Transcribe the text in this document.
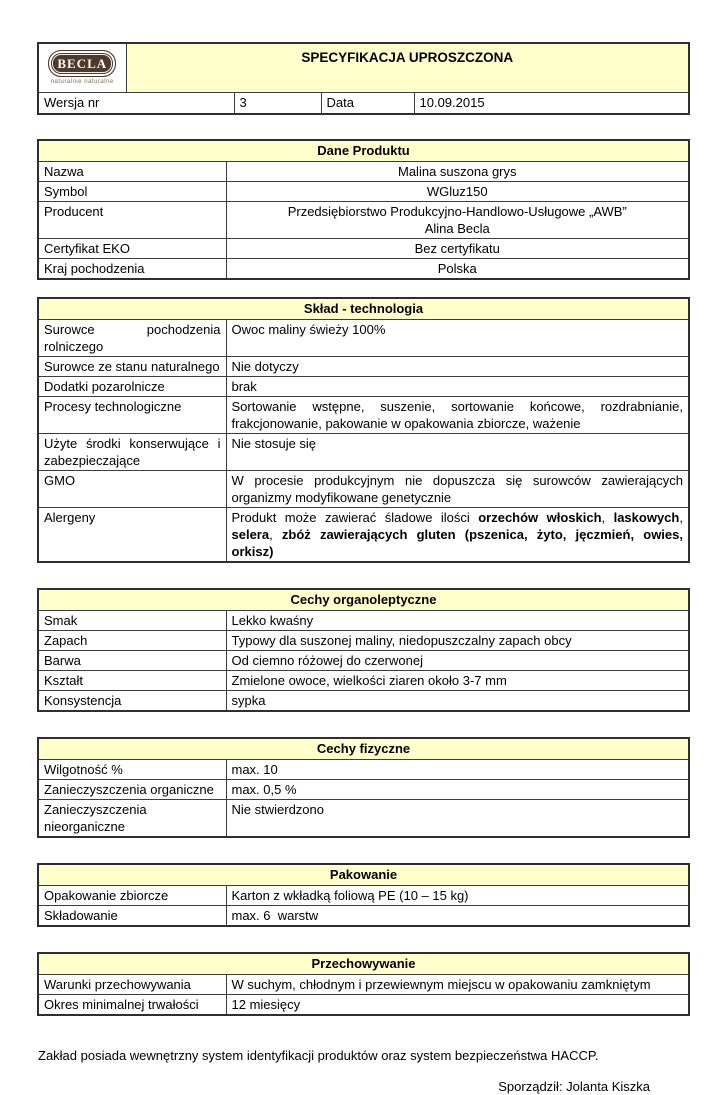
BECLA
naturalnie naturalne	SPECYFIKACJA UPROSZCZONA			
Wersja nr		3	Data	10.09.2015
Dane Produktu	
Nazwa	Malina suszona grys
Symbol	WGluz150
Producent	Przedsiębiorstwo Produkcyjno-Handlowo-Usługowe „AWB”
Alina Becla

Certyfikat EKO	Bez certyfikatu
Kraj pochodzenia	Polska
Skład - technologia	
Surowce pochodzenia rolniczego	Owoc maliny świeży 100%
Surowce ze stanu naturalnego	Nie dotyczy
Dodatki pozarolnicze	brak
Procesy technologiczne	Sortowanie wstępne, suszenie, sortowanie końcowe, rozdrabnianie, frakcjonowanie, pakowanie w opakowania zbiorcze, ważenie
Użyte środki konserwujące i zabezpieczające	Nie stosuje się
GMO	W procesie produkcyjnym nie dopuszcza się surowców zawierających organizmy modyfikowane genetycznie
Alergeny	Produkt może zawierać śladowe ilości orzechów włoskich, laskowych, selera, zbóż zawierających gluten (pszenica, żyto, jęczmień, owies, orkisz)
Cechy organoleptyczne	
Smak	Lekko kwaśny
Zapach	Typowy dla suszonej maliny, niedopuszczalny zapach obcy
Barwa	Od ciemno różowej do czerwonej
Kształt	Zmielone owoce, wielkości ziaren około 3-7 mm
Konsystencja	sypka
Cechy fizyczne	
Wilgotność %	max. 10
Zanieczyszczenia organiczne	max. 0,5 %
Zanieczyszczenia nieorganiczne	Nie stwierdzono
Pakowanie	
Opakowanie zbiorcze	Karton z wkładką foliową PE (10 – 15 kg)
Składowanie	max. 6  warstw
Przechowywanie	
Warunki przechowywania	W suchym, chłodnym i przewiewnym miejscu w opakowaniu zamkniętym
Okres minimalnej trwałości	12 miesięcy

Zakład posiada wewnętrzny system identyfikacji produktów oraz system bezpieczeństwa HACCP.

Sporządził: Jolanta Kiszka
